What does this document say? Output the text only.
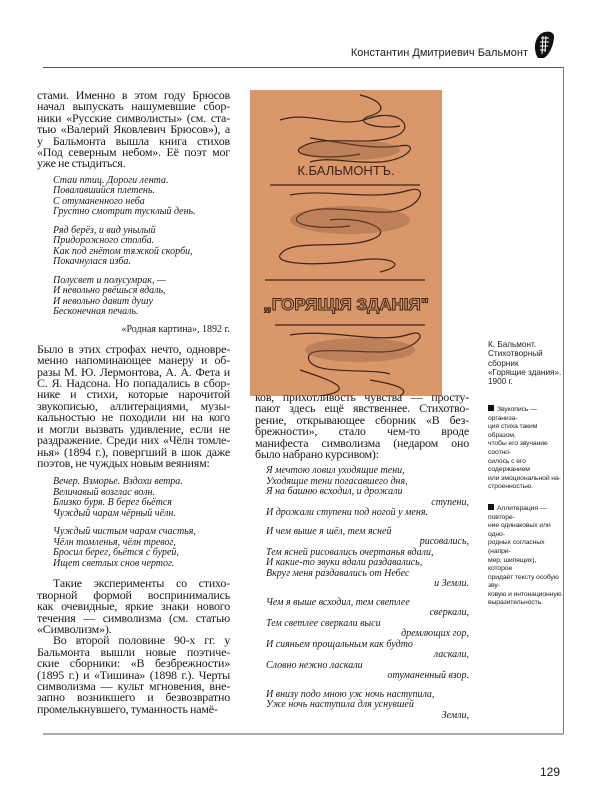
Константин Дмитриевич Бальмонт
стами. Именно в этом году Брюсов
начал выпускать нашумевшие сбор-
ники «Русские символисты» (см. ста-
тью «Валерий Яковлевич Брюсов»), а
у Бальмонта вышла книга стихов
«Под северным небом». Её поэт мог
уже не стыдиться.
Стаи птиц. Дороги лента.
Повалившийся плетень.
С отуманенного неба
Грустно смотрит тусклый день.
Ряд берёз, и вид унылый
Придорожного столба.
Как под гнётом тяжкой скорби,
Покачнулася изба.
Полусвет и полусумрак, —
И невольно рвёшься вдаль,
И невольно давит душу
Бесконечная печаль.
«Родная картина», 1892 г.
Было в этих строфах нечто, одновре-
менно напоминающее манеру и об-
разы М. Ю. Лермонтова, А. А. Фета и
С. Я. Надсона. Но попадались в сбор-
нике и стихи, которые нарочитой
звукописью, аллитерациями, музы-
кальностью не походили ни на кого
и могли вызвать удивление, если не
раздражение. Среди них «Чёлн томле-
нья» (1894 г.), повергший в шок даже
поэтов, не чуждых новым веяниям:
Вечер. Взморье. Вздохи ветра.
Величавый возглас волн.
Близко буря. В берег бьётся
Чуждый чарам чёрный чёлн.
Чуждый чистым чарам счастья,
Чёлн томленья, чёлн тревог,
Бросил берег, бьётся с бурей,
Ищет светлых снов чертог.
Такие эксперименты со стихо-
творной формой воспринимались
как очевидные, яркие знаки нового
течения — символизма (см. статью
«Символизм»).
Во второй половине 90-х гг. у
Бальмонта вышли новые поэтиче-
ские сборники: «В безбрежности»
(1895 г.) и «Тишина» (1898 г.). Черты
символизма — культ мгновения, вне-
запно возникшего и безвозвратно
промелькнувшего, туманность намё-
К.БАЛЬМОНТЪ.
„ГОРЯЩІЯ ЗДАНІЯ"
К. Бальмонт.
Стихотворный сборник
«Горящие здания».
1900 г.
ков, прихотливость чувства — просту-
пают здесь ещё явственнее. Стихотво-
рение, открывающее сборник «В без-
брежности», стало чем-то вроде
манифеста символизма (недаром оно
было набрано курсивом):
Я мечтою ловил уходящие тени,
Уходящие тени погасавшего дня,
Я на башню всходил, и дрожали
ступени,
И дрожали ступени под ногой у меня.
И чем выше я шёл, тем ясней
рисовались,
Тем ясней рисовались очертанья вдали,
И какие-то звуки вдали раздавались,
Вкруг меня раздавались от Небес
и Земли.
Чем я выше всходил, тем светлее
сверкали,
Тем светлее сверкали выси
дремлющих гор,
И сияньем прощальным как будто
ласкали,
Словно нежно ласкали
отуманенный взор.
И внизу подо мною уж ночь наступила,
Уже ночь наступила для уснувшей
Земли,
Звукопись — организа-
ция стиха таким образом,
чтобы его звучание соотно-
силось с его содержанием
или эмоциональной на-
строенностью.
Аллитерация — повторе-
ние одинаковых или одно-
родных согласных (напри-
мер, шипящих), которое
придаёт тексту особую зву-
ковую и интонационную
выразительность.
129
